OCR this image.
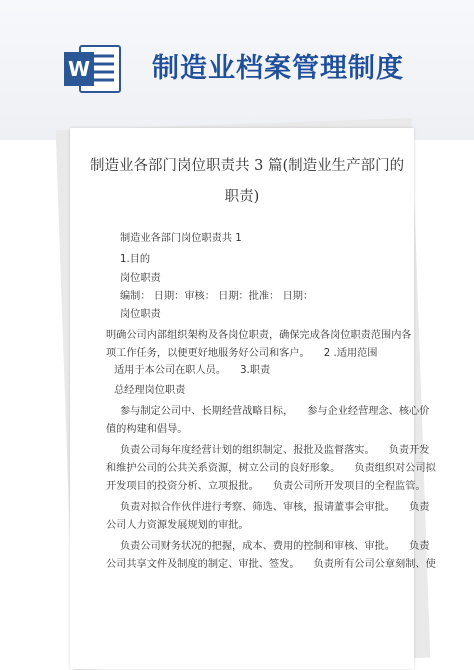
W 制造业档案管理制度
制造业各部门岗位职责共 3 篇(制造业生产部门的
职责)
制造业各部门岗位职责共 1
1.目的
岗位职责
编制： 日期：审核： 日期：批准： 日期：
岗位职责
明确公司内部组织架构及各岗位职责，确保完成各岗位职责范围内各
项工作任务，以便更好地服务好公司和客户。 2 .适用范围
适用于本公司在职人员。 3.职责
总经理岗位职责
参与制定公司中、长期经营战略目标， 参与企业经营理念、核心价
值的构建和倡导。
负责公司每年度经营计划的组织制定、报批及监督落实。 负责开发
和维护公司的公共关系资源，树立公司的良好形象。 负责组织对公司拟
开发项目的投资分析、立项报批。 负责公司所开发项目的全程监管。
负责对拟合作伙伴进行考察、筛选、审核，报请董事会审批。 负责
公司人力资源发展规划的审批。
负责公司财务状况的把握，成本、费用的控制和审核、审批。 负责
公司共享文件及制度的制定、审批、签发。 负责所有公司公章刻制、使
